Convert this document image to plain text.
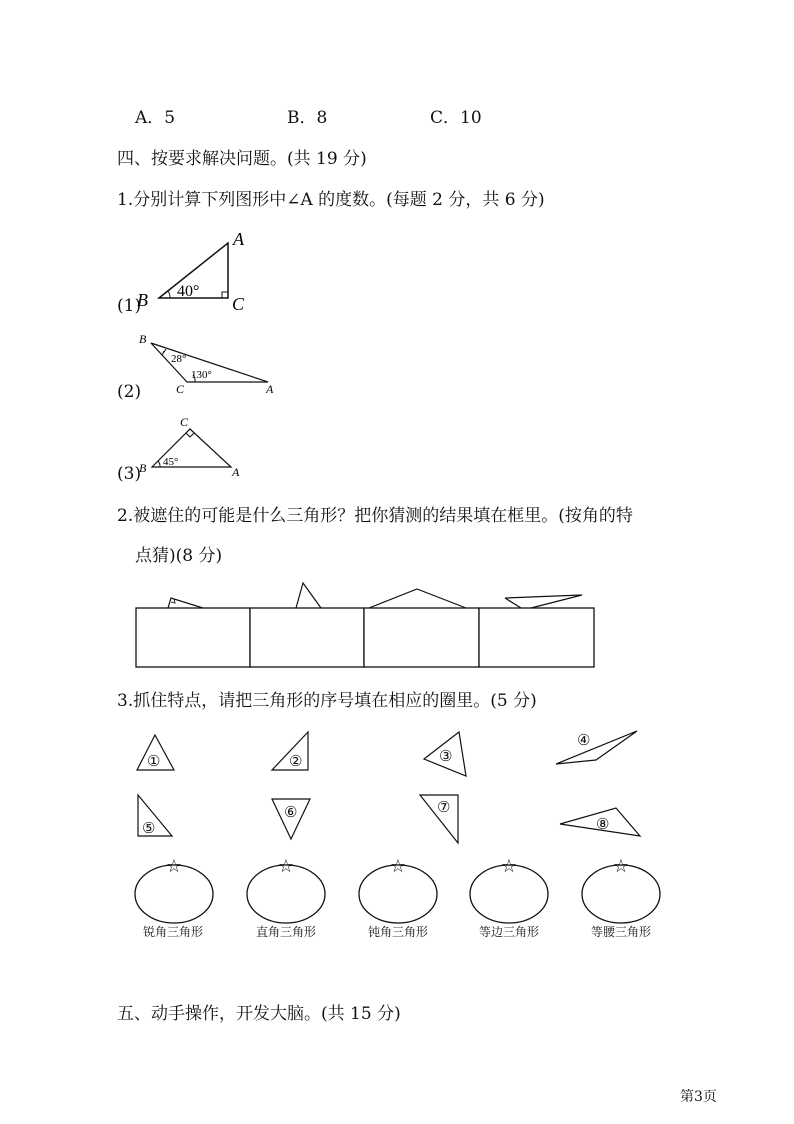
A．5	B．8	C．10
四、按要求解决问题。(共 19 分)
1.分别计算下列图形中∠A 的度数。(每题 2 分，共 6 分)
(1)
(2)
(3)
A
B	C
40°
B
C	A
28°
130°
C
B	A
45°
2.被遮住的可能是什么三角形？把你猜测的结果填在框里。(按角的特
点猜)(8 分)
3.抓住特点，请把三角形的序号填在相应的圈里。(5 分)
①	②	③
④
⑤
⑥	⑦
⑧
☆	☆	☆	☆	☆
锐角三角形	直角三角形	钝角三角形	等边三角形	等腰三角形
五、动手操作，开发大脑。(共 15 分)
第3页
